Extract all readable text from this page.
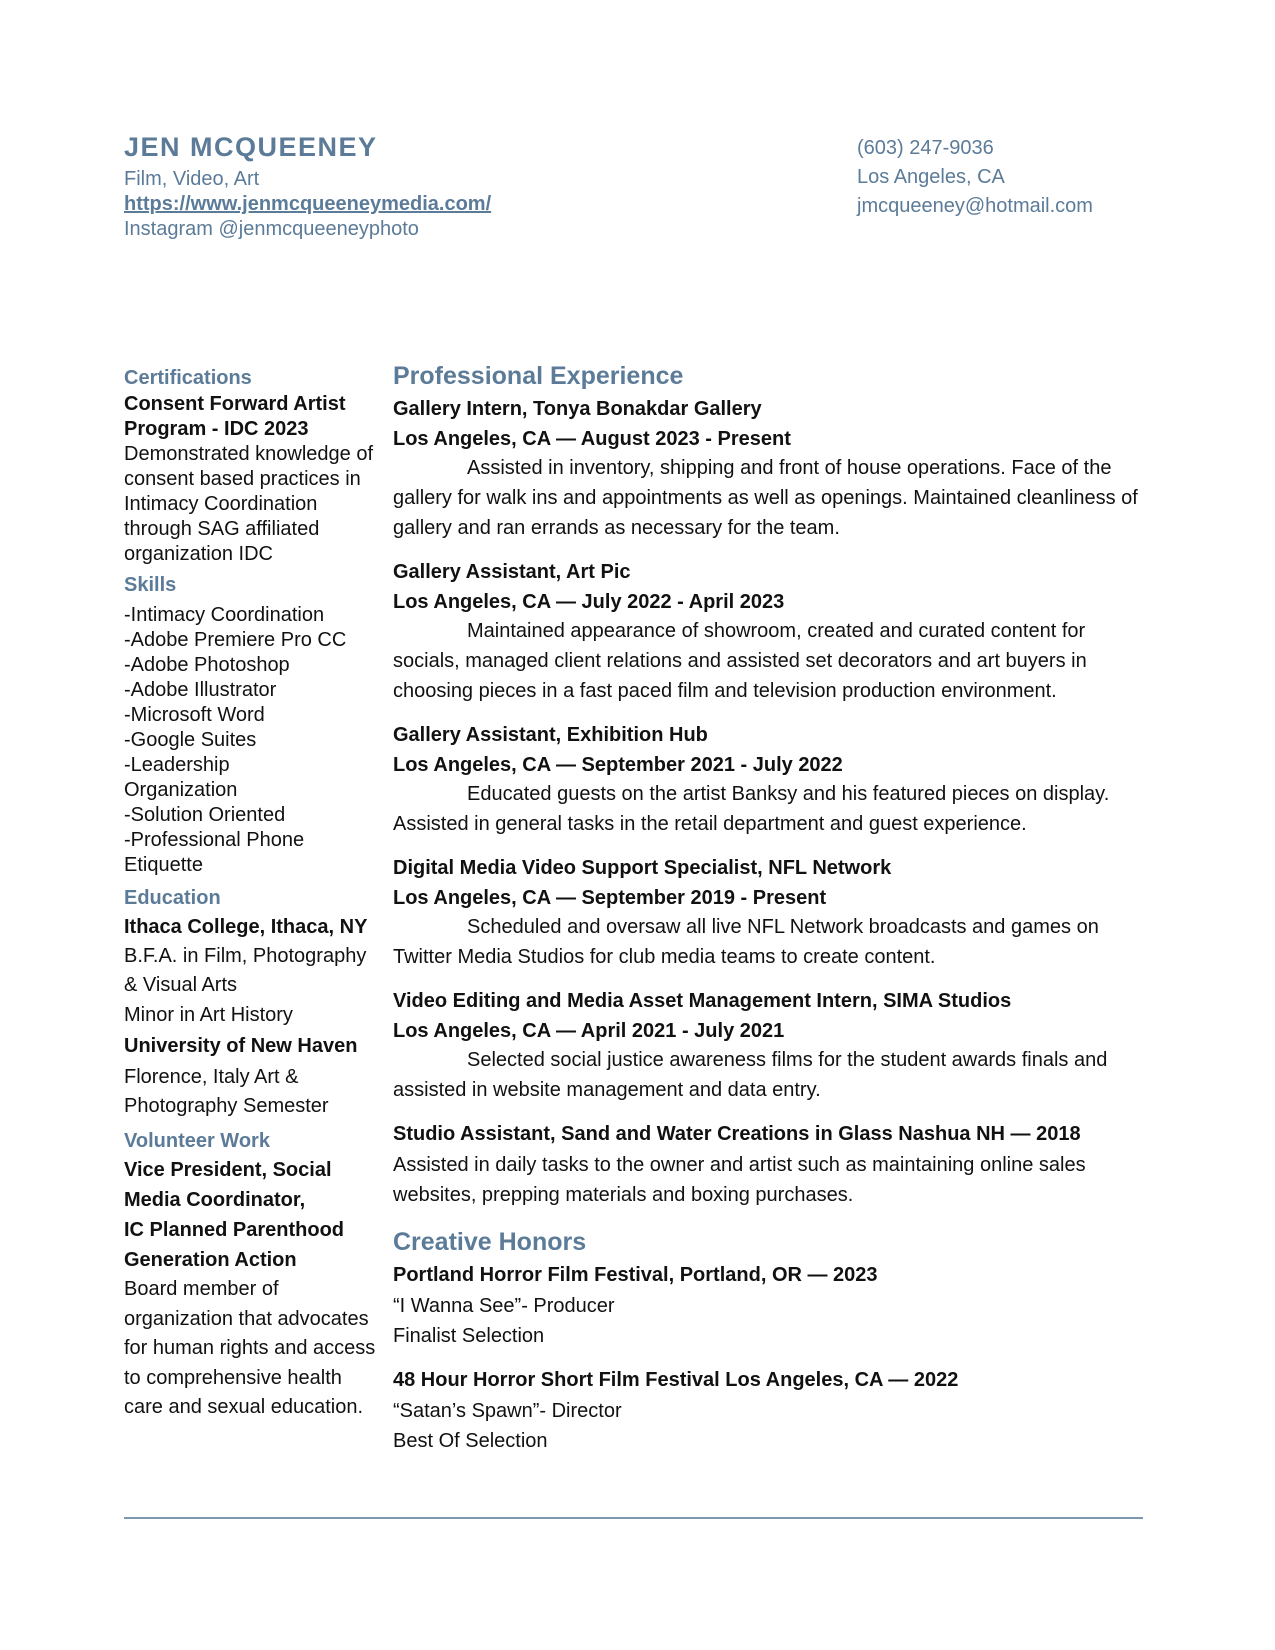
JEN MCQUEENEY
Film, Video, Art
https://www.jenmcqueeneymedia.com/
Instagram @jenmcqueeneyphoto
(603) 247-9036
Los Angeles, CA
jmcqueeney@hotmail.com
Certifications
Consent Forward Artist Program - IDC 2023
Demonstrated knowledge of consent based practices in Intimacy Coordination through SAG affiliated organization IDC
Skills
-Intimacy Coordination
-Adobe Premiere Pro CC
-Adobe Photoshop
-Adobe Illustrator
-Microsoft Word
-Google Suites
-Leadership
Organization
-Solution Oriented
-Professional Phone Etiquette
Education
Ithaca College, Ithaca, NY
B.F.A. in Film, Photography & Visual Arts
Minor in Art History
University of New Haven
Florence, Italy Art & Photography Semester
Volunteer Work
Vice President, Social Media Coordinator,
IC Planned Parenthood Generation Action
Board member of organization that advocates for human rights and access to comprehensive health care and sexual education.
Professional Experience
Gallery Intern, Tonya Bonakdar Gallery
Los Angeles, CA — August 2023 - Present

Assisted in inventory, shipping and front of house operations. Face of the gallery for walk ins and appointments as well as openings. Maintained cleanliness of gallery and ran errands as necessary for the team.

Gallery Assistant, Art Pic
Los Angeles, CA — July 2022 - April 2023

Maintained appearance of showroom, created and curated content for socials, managed client relations and assisted set decorators and art buyers in choosing pieces in a fast paced film and television production environment.

Gallery Assistant, Exhibition Hub
Los Angeles, CA — September 2021 - July 2022

Educated guests on the artist Banksy and his featured pieces on display. Assisted in general tasks in the retail department and guest experience.

Digital Media Video Support Specialist, NFL Network
Los Angeles, CA — September 2019 - Present

Scheduled and oversaw all live NFL Network broadcasts and games on Twitter Media Studios for club media teams to create content.

Video Editing and Media Asset Management Intern, SIMA Studios
Los Angeles, CA — April 2021 - July 2021

Selected social justice awareness films for the student awards finals and assisted in website management and data entry.

Studio Assistant, Sand and Water Creations in Glass Nashua NH — 2018

Assisted in daily tasks to the owner and artist such as maintaining online sales websites, prepping materials and boxing purchases.

Creative Honors
Portland Horror Film Festival, Portland, OR — 2023
“I Wanna See”- Producer
Finalist Selection
48 Hour Horror Short Film Festival Los Angeles, CA — 2022
“Satan’s Spawn”- Director
Best Of Selection
